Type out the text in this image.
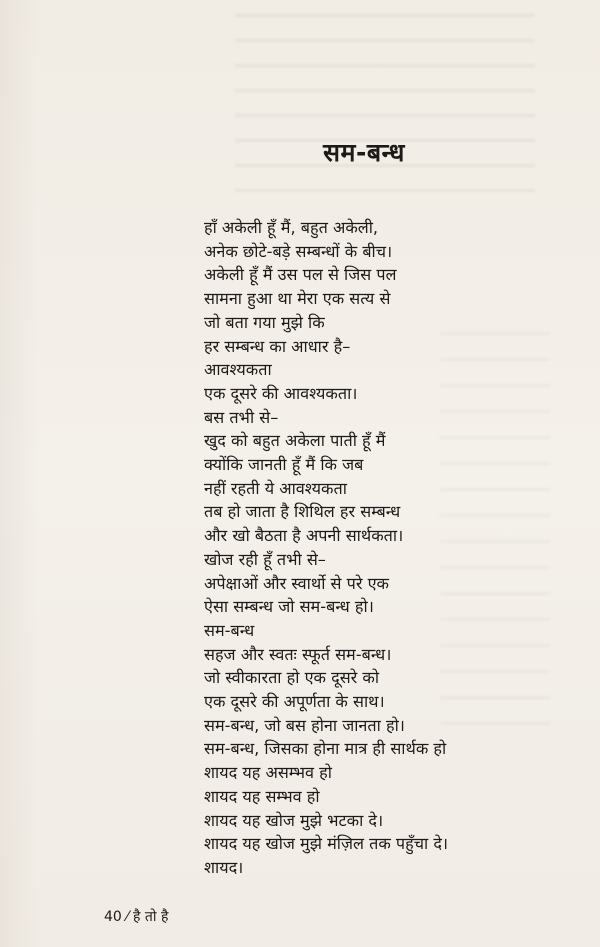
सम-बन्ध
हाँ अकेली हूँ मैं, बहुत अकेली,
अनेक छोटे-बड़े सम्बन्धों के बीच।
अकेली हूँ मैं उस पल से जिस पल
सामना हुआ था मेरा एक सत्य से
जो बता गया मुझे कि
हर सम्बन्ध का आधार है–
आवश्यकता
एक दूसरे की आवश्यकता।
बस तभी से–
खुद को बहुत अकेला पाती हूँ मैं
क्योंकि जानती हूँ मैं कि जब
नहीं रहती ये आवश्यकता
तब हो जाता है शिथिल हर सम्बन्ध
और खो बैठता है अपनी सार्थकता।
खोज रही हूँ तभी से–
अपेक्षाओं और स्वार्थो से परे एक
ऐसा सम्बन्ध जो सम-बन्ध हो।
सम-बन्ध
सहज और स्वतः स्फूर्त सम-बन्ध।
जो स्वीकारता हो एक दूसरे को
एक दूसरे की अपूर्णता के साथ।
सम-बन्ध, जो बस होना जानता हो।
सम-बन्ध, जिसका होना मात्र ही सार्थक हो
शायद यह असम्भव हो
शायद यह सम्भव हो
शायद यह खोज मुझे भटका दे।
शायद यह खोज मुझे मंज़िल तक पहुँचा दे।
शायद।
40 ⁄ है तो है
